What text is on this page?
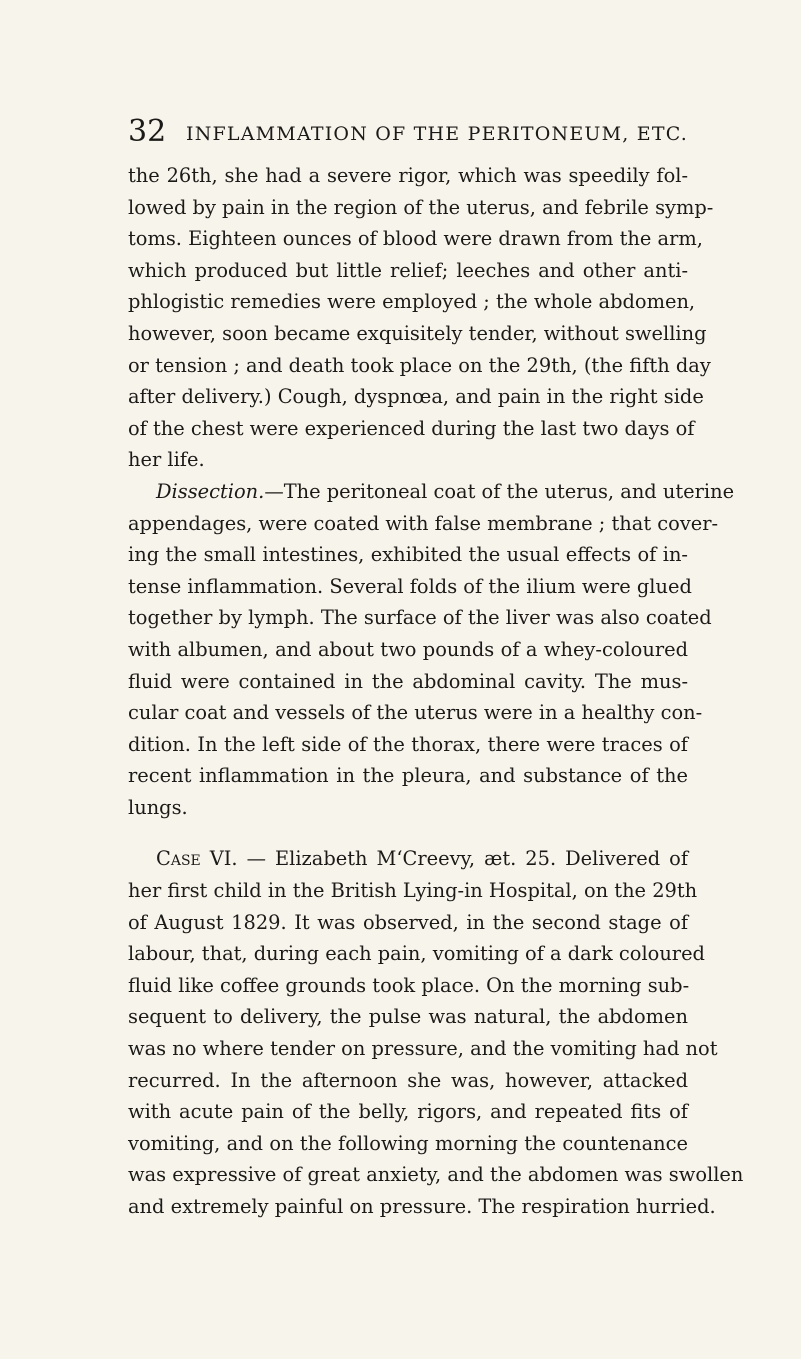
32 INFLAMMATION OF THE PERITONEUM, ETC.
the 26th, she had a severe rigor, which was speedily fol-
lowed by pain in the region of the uterus, and febrile symp-
toms. Eighteen ounces of blood were drawn from the arm,
which produced but little relief; leeches and other anti-
phlogistic remedies were employed ; the whole abdomen,
however, soon became exquisitely tender, without swelling
or tension ; and death took place on the 29th, (the fifth day
after delivery.) Cough, dyspnœa, and pain in the right side
of the chest were experienced during the last two days of
her life.
Dissection.—The peritoneal coat of the uterus, and uterine
appendages, were coated with false membrane ; that cover-
ing the small intestines, exhibited the usual effects of in-
tense inflammation. Several folds of the ilium were glued
together by lymph. The surface of the liver was also coated
with albumen, and about two pounds of a whey-coloured
fluid were contained in the abdominal cavity. The mus-
cular coat and vessels of the uterus were in a healthy con-
dition. In the left side of the thorax, there were traces of
recent inflammation in the pleura, and substance of the
lungs.
Case VI. — Elizabeth M‘Creevy, æt. 25. Delivered of
her first child in the British Lying-in Hospital, on the 29th
of August 1829. It was observed, in the second stage of
labour, that, during each pain, vomiting of a dark coloured
fluid like coffee grounds took place. On the morning sub-
sequent to delivery, the pulse was natural, the abdomen
was no where tender on pressure, and the vomiting had not
recurred. In the afternoon she was, however, attacked
with acute pain of the belly, rigors, and repeated fits of
vomiting, and on the following morning the countenance
was expressive of great anxiety, and the abdomen was swollen
and extremely painful on pressure. The respiration hurried.
